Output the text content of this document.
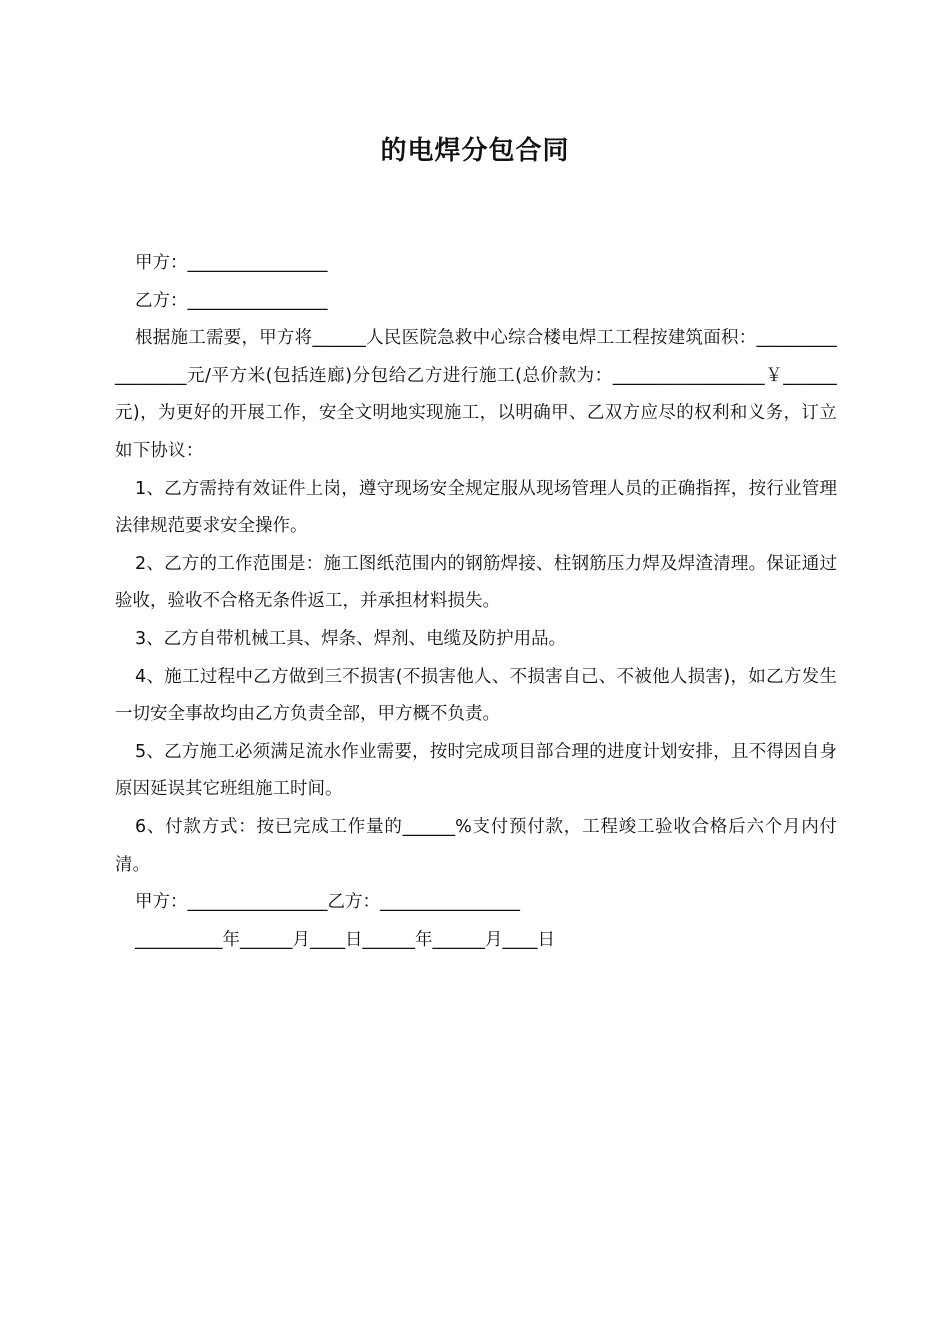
的电焊分包合同

甲方：________________

乙方：________________

根据施工需要，甲方将______人民医院急救中心综合楼电焊工工程按建筑面积：_________________元/平方米(包括连廊)分包给乙方进行施工(总价款为：_________________￥______元)，为更好的开展工作，安全文明地实现施工，以明确甲、乙双方应尽的权利和义务，订立如下协议：

1、乙方需持有效证件上岗，遵守现场安全规定服从现场管理人员的正确指挥，按行业管理法律规范要求安全操作。

2、乙方的工作范围是：施工图纸范围内的钢筋焊接、柱钢筋压力焊及焊渣清理。保证通过验收，验收不合格无条件返工，并承担材料损失。

3、乙方自带机械工具、焊条、焊剂、电缆及防护用品。

4、施工过程中乙方做到三不损害(不损害他人、不损害自己、不被他人损害)，如乙方发生一切安全事故均由乙方负责全部，甲方概不负责。

5、乙方施工必须满足流水作业需要，按时完成项目部合理的进度计划安排，且不得因自身原因延误其它班组施工时间。

6、付款方式：按已完成工作量的______%支付预付款，工程竣工验收合格后六个月内付清。

甲方：________________乙方：________________

__________年______月____日______年______月____日
